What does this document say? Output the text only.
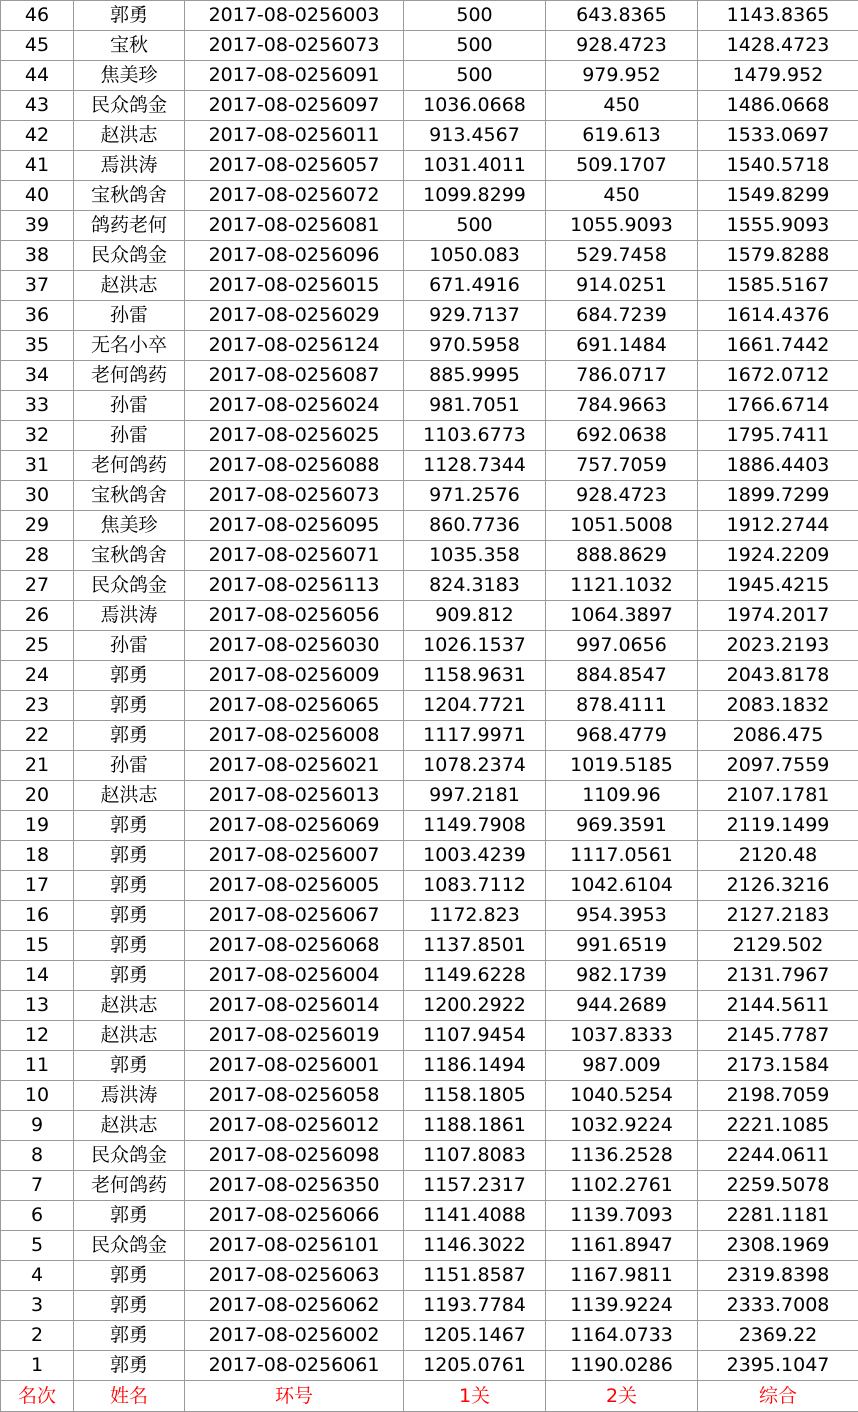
46	郭勇	2017-08-0256003	500	643.8365	1143.8365
45	宝秋	2017-08-0256073	500	928.4723	1428.4723
44	焦美珍	2017-08-0256091	500	979.952	1479.952
43	民众鸽金	2017-08-0256097	1036.0668	450	1486.0668
42	赵洪志	2017-08-0256011	913.4567	619.613	1533.0697
41	焉洪涛	2017-08-0256057	1031.4011	509.1707	1540.5718
40	宝秋鸽舍	2017-08-0256072	1099.8299	450	1549.8299
39	鸽药老何	2017-08-0256081	500	1055.9093	1555.9093
38	民众鸽金	2017-08-0256096	1050.083	529.7458	1579.8288
37	赵洪志	2017-08-0256015	671.4916	914.0251	1585.5167
36	孙雷	2017-08-0256029	929.7137	684.7239	1614.4376
35	无名小卒	2017-08-0256124	970.5958	691.1484	1661.7442
34	老何鸽药	2017-08-0256087	885.9995	786.0717	1672.0712
33	孙雷	2017-08-0256024	981.7051	784.9663	1766.6714
32	孙雷	2017-08-0256025	1103.6773	692.0638	1795.7411
31	老何鸽药	2017-08-0256088	1128.7344	757.7059	1886.4403
30	宝秋鸽舍	2017-08-0256073	971.2576	928.4723	1899.7299
29	焦美珍	2017-08-0256095	860.7736	1051.5008	1912.2744
28	宝秋鸽舍	2017-08-0256071	1035.358	888.8629	1924.2209
27	民众鸽金	2017-08-0256113	824.3183	1121.1032	1945.4215
26	焉洪涛	2017-08-0256056	909.812	1064.3897	1974.2017
25	孙雷	2017-08-0256030	1026.1537	997.0656	2023.2193
24	郭勇	2017-08-0256009	1158.9631	884.8547	2043.8178
23	郭勇	2017-08-0256065	1204.7721	878.4111	2083.1832
22	郭勇	2017-08-0256008	1117.9971	968.4779	2086.475
21	孙雷	2017-08-0256021	1078.2374	1019.5185	2097.7559
20	赵洪志	2017-08-0256013	997.2181	1109.96	2107.1781
19	郭勇	2017-08-0256069	1149.7908	969.3591	2119.1499
18	郭勇	2017-08-0256007	1003.4239	1117.0561	2120.48
17	郭勇	2017-08-0256005	1083.7112	1042.6104	2126.3216
16	郭勇	2017-08-0256067	1172.823	954.3953	2127.2183
15	郭勇	2017-08-0256068	1137.8501	991.6519	2129.502
14	郭勇	2017-08-0256004	1149.6228	982.1739	2131.7967
13	赵洪志	2017-08-0256014	1200.2922	944.2689	2144.5611
12	赵洪志	2017-08-0256019	1107.9454	1037.8333	2145.7787
11	郭勇	2017-08-0256001	1186.1494	987.009	2173.1584
10	焉洪涛	2017-08-0256058	1158.1805	1040.5254	2198.7059
9	赵洪志	2017-08-0256012	1188.1861	1032.9224	2221.1085
8	民众鸽金	2017-08-0256098	1107.8083	1136.2528	2244.0611
7	老何鸽药	2017-08-0256350	1157.2317	1102.2761	2259.5078
6	郭勇	2017-08-0256066	1141.4088	1139.7093	2281.1181
5	民众鸽金	2017-08-0256101	1146.3022	1161.8947	2308.1969
4	郭勇	2017-08-0256063	1151.8587	1167.9811	2319.8398
3	郭勇	2017-08-0256062	1193.7784	1139.9224	2333.7008
2	郭勇	2017-08-0256002	1205.1467	1164.0733	2369.22
1	郭勇	2017-08-0256061	1205.0761	1190.0286	2395.1047
名次	姓名	环号	1关	2关	综合
